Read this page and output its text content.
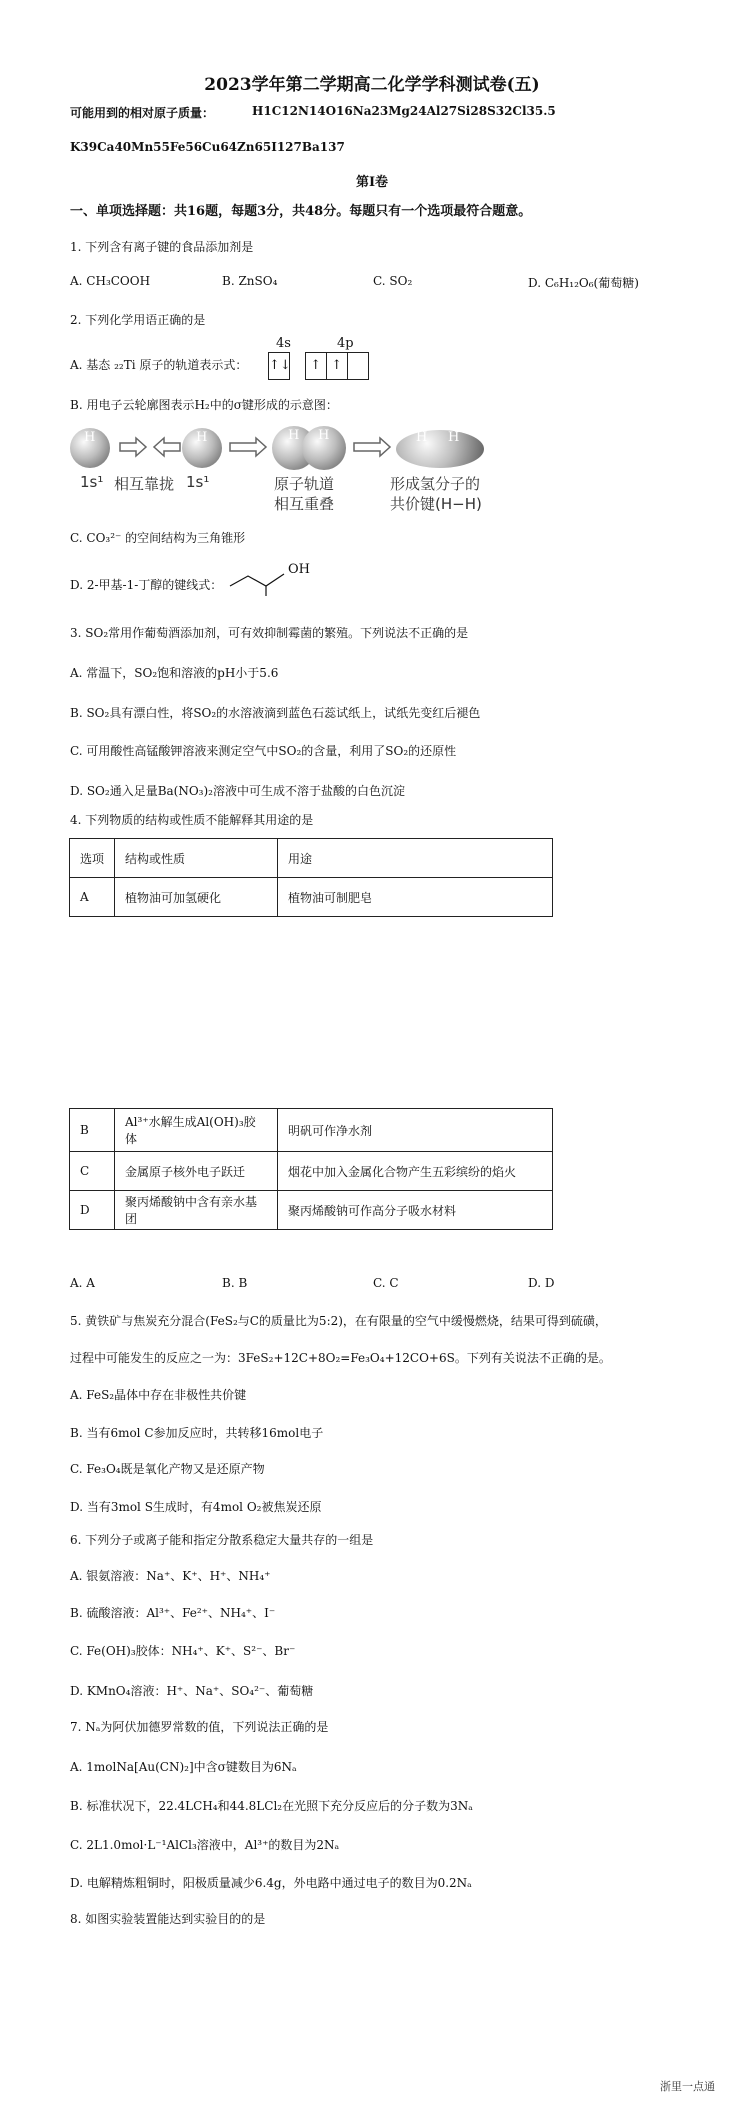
2023学年第二学期高二化学学科测试卷(五)
可能用到的相对原子质量：	H1C12N14O16Na23Mg24Al27Si28S32Cl35.5
K39Ca40Mn55Fe56Cu64Zn65I127Ba137
第Ⅰ卷
一、单项选择题：共16题，每题3分，共48分。每题只有一个选项最符合题意。
1. 下列含有离子键的食品添加剂是
A. CH₃COOH	B. ZnSO₄	C. SO₂	D. C₆H₁₂O₆(葡萄糖)
2. 下列化学用语正确的是
A. 基态 ₂₂Ti 原子的轨道表示式：
4s	4p
↑↓ ↑ ↑
B. 用电子云轮廓图表示H₂中的σ键形成的示意图：
H	H	H H	H H
1s¹ 相互靠拢 1s¹	原子轨道
相互重叠
形成氢分子的
共价键(H−H)
C. CO₃²⁻ 的空间结构为三角锥形
D. 2-甲基-1-丁醇的键线式：
OH
3. SO₂常用作葡萄酒添加剂，可有效抑制霉菌的繁殖。下列说法不正确的是
A. 常温下，SO₂饱和溶液的pH小于5.6
B. SO₂具有漂白性，将SO₂的水溶液滴到蓝色石蕊试纸上，试纸先变红后褪色
C. 可用酸性高锰酸钾溶液来测定空气中SO₂的含量，利用了SO₂的还原性
D. SO₂通入足量Ba(NO₃)₂溶液中可生成不溶于盐酸的白色沉淀
4. 下列物质的结构或性质不能解释其用途的是
选项	结构或性质	用途
A	植物油可加氢硬化	植物油可制肥皂
B	Al³⁺水解生成Al(OH)₃胶体	明矾可作净水剂
C	金属原子核外电子跃迁	烟花中加入金属化合物产生五彩缤纷的焰火
D	聚丙烯酸钠中含有亲水基团	聚丙烯酸钠可作高分子吸水材料
A. A	B. B	C. C	D. D
5. 黄铁矿与焦炭充分混合(FeS₂与C的质量比为5:2)，在有限量的空气中缓慢燃烧，结果可得到硫磺，
过程中可能发生的反应之一为：3FeS₂+12C+8O₂=Fe₃O₄+12CO+6S。下列有关说法不正确的是。
A. FeS₂晶体中存在非极性共价键
B. 当有6mol C参加反应时，共转移16mol电子
C. Fe₃O₄既是氧化产物又是还原产物
D. 当有3mol S生成时，有4mol O₂被焦炭还原
6. 下列分子或离子能和指定分散系稳定大量共存的一组是
A. 银氨溶液：Na⁺、K⁺、H⁺、NH₄⁺
B. 硫酸溶液：Al³⁺、Fe²⁺、NH₄⁺、I⁻
C. Fe(OH)₃胶体：NH₄⁺、K⁺、S²⁻、Br⁻
D. KMnO₄溶液：H⁺、Na⁺、SO₄²⁻、葡萄糖
7. Nₐ为阿伏加德罗常数的值，下列说法正确的是
A. 1molNa[Au(CN)₂]中含σ键数目为6Nₐ
B. 标准状况下，22.4LCH₄和44.8LCl₂在光照下充分反应后的分子数为3Nₐ
C. 2L1.0mol·L⁻¹AlCl₃溶液中，Al³⁺的数目为2Nₐ
D. 电解精炼粗铜时，阳极质量减少6.4g，外电路中通过电子的数目为0.2Nₐ
8. 如图实验装置能达到实验目的的是
浙里一点通
